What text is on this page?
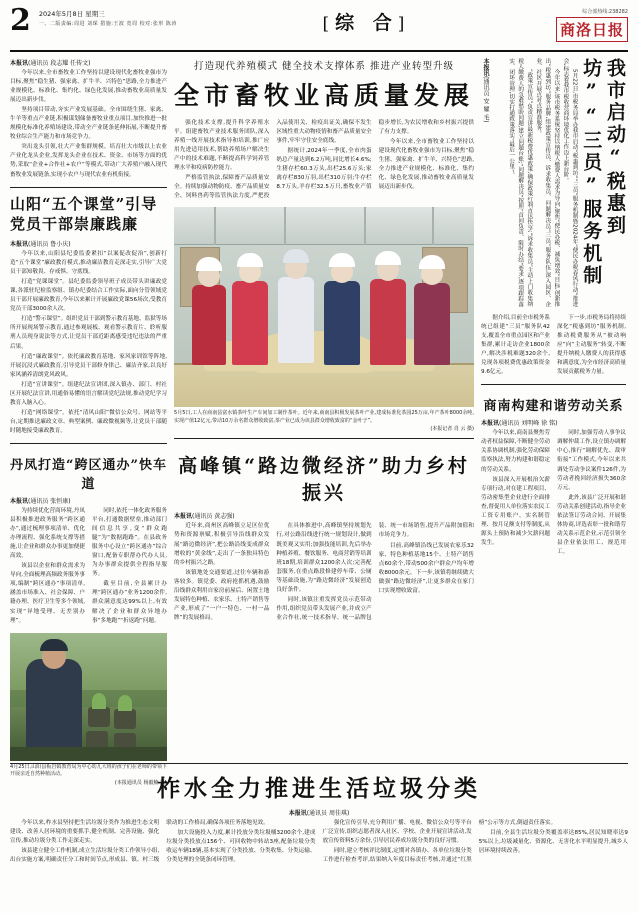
2 2024年5月8日 星期三
一、二版责编:周进 刘琛 措施:王波 宽周 校对:张形 陈涛	[综 合]
综合部热线:238282
商洛日报
本报讯(通讯员 段志耀 任传文)

今年以来,全市畜牧业工作坚持以建设现代化畜牧业强市为目标,聚焦“稳生猪、强家禽、扩牛羊、兴特色”思路,全力推进产业规模化、标准化、集约化、绿色化发展,推动畜牧业高质量发展迈出新步伐。

坚持项目带动,夯实产业发展基础。全市围绕生猪、家禽、牛羊等重点产业链,积极谋划储备畜牧业重点项目,加快推进一批规模化标准化养殖场建设,带动全产业链条延伸拓展,不断提升畜牧业综合生产能力和市场竞争力。

突出龙头引领,壮大产业集群规模。培育壮大市级以上农业产业化龙头企业,发挥龙头企业在技术、资金、市场等方面的优势,采取“企业+合作社+农户”等模式,带动广大养殖户融入现代畜牧业发展链条,实现小农户与现代农业有机衔接。

山阳“五个课堂”引导
党员干部崇廉践廉
本报讯(通讯员 鲁小庆)

今年以来,山阳县纪委监委紧扣“以案促改促治”,创新打造“五个课堂”廉政教育模式,推动廉洁教育走深走实,引导广大党员干部知敬畏、存戒惧、守底线。

打造“党课课堂”。县纪委监委领导班子成员带头讲廉政党课,各派驻纪检监察组、镇办纪委结合工作实际,面向分管领域党员干部开展廉政教育,今年以来累计开展廉政党课56场次,受教育党员干部3000余人次。

打造“警示课堂”。组织党员干部到警示教育基地、监狱等场所开展现场警示教育,通过参观展板、观看警示教育片、聆听服刑人员现身说法等方式,让党员干部近距离感受违纪违法的严重后果。

打造“廉政课堂”。依托廉政教育基地、家风家训馆等阵地,开展沉浸式廉政教育,引导党员干部修身律己、廉洁齐家,以良好家风涵养清朗党风政风。

打造“宣讲课堂”。组建纪法宣讲团,深入镇办、部门、村社区开展纪法宣讲,用通俗易懂的语言解读党纪法规,推动党纪学习教育入脑入心。

打造“网络课堂”。依托“清风山阳”微信公众号、网站等平台,定期推送廉政文章、典型案例、廉政微视频等,让党员干部随时随地接受廉政教育。

丹凤打造“跨区通办”快车道
本报讯(通讯员 张恒康)

为持续优化营商环境,丹凤县积极推进政务服务“跨区通办”,通过梳理事项清单、优化办理流程、强化系统支撑等措施,让企业和群众办事更加便捷高效。

该县以企业和群众需求为导向,全面梳理高频政务服务事项,编制“跨区通办”事项清单,涵盖市场准入、社会保障、户籍办理、医疗卫生等多个领域,实现“异地受理、无差别办理”。

同时,依托一体化政务服务平台,打通数据壁垒,推动部门间信息共享,变“群众跑腿”为“数据跑路”。在县政务服务中心设立“跨区通办”综合窗口,配备专职帮办代办人员,为办事群众提供全程指导服务。

截至目前,全县累计办理“跨区通办”业务1200余件,群众满意度达99%以上,有效解决了企业和群众异地办事“多地跑”“折返跑”问题。

4月25日,山阳县板岩镇教育局为中心幼儿大班的孩子们在老师的带领下开展亲近自然种植活动。
(本报通讯员 杨毅楠 摄)
打造现代养殖模式 健全技术支撑体系 推进产业转型升级
全市畜牧业高质量发展

强化技术支撑,提升科学养殖水平。组建畜牧产业技术服务团队,深入养殖一线开展技术指导和培训,推广应用先进适用技术,帮助养殖场户解决生产中的技术难题,不断提高科学饲养管理水平和疫病防控能力。

严格监管执法,保障畜产品质量安全。持续加强动物防疫、畜产品质量安全、饲料兽药等监管执法力度,严把投入品使用关、检疫出证关,确保不发生区域性重大动物疫情和畜产品质量安全事件,牢牢守住安全底线。

据统计,2024年一季度,全市肉蛋奶总产量达到6.2万吨,同比增长4.6%;生猪存栏60.3万头,出栏25.6万头;家禽存栏830万羽,出栏310万羽;牛存栏8.7万头,羊存栏32.5万只,畜牧业产值稳步增长,为农民增收和乡村振兴提供了有力支撑。

今年以来,全市畜牧业工作坚持以建设现代化畜牧业强市为目标,聚焦“稳生猪、强家禽、扩牛羊、兴特色”思路,全力推进产业规模化、标准化、集约化、绿色化发展,推动畜牧业高质量发展迈出新步伐。

5月5日,工人在商南县富水镇茶叶生产车间加工制作茶叶。近年来,商南县积极发展茶叶产业,建成标准化茶园25万亩,年产茶叶8000余吨,实现产值12亿元,带动10万余名群众增收致富,茶产业已成为该县群众增收致富的“金叶子”。
(本报记者 肖 云 摄)
高峰镇“路边微经济”助力乡村振兴
本报讯(通讯员 黄志强)

近年来,商州区高峰镇立足区位优势和资源禀赋,积极引导沿线群众发展“路边微经济”,把公路沿线变成群众增收的“黄金线”,走出了一条独具特色的乡村振兴之路。

该镇地处交通要道,过往车辆和游客较多。镇党委、政府抢抓机遇,鼓励沿线群众利用自家房前屋后、闲置土地发展特色种植、农家乐、土特产销售等产业,形成了“一户一特色、一村一品牌”的发展格局。

在具体推进中,高峰镇坚持规划先行,对公路沿线进行统一规划设计,做到既美观又实用;加强技能培训,先后举办种植养殖、餐饮服务、电商营销等培训班18期,培训群众1200余人次;完善配套服务,在重点路段修建停车带、公厕等基础设施,为“路边微经济”发展创造良好条件。

同时,该镇注重发挥党员示范带动作用,组织党员带头发展产业,并成立产业合作社,统一技术指导、统一品牌包装、统一市场销售,提升产品附加值和市场竞争力。

目前,高峰镇沿线已发展农家乐32家、特色种植基地15个、土特产销售点60余个,带动500余户群众户均年增收8000余元。下一步,该镇将继续做大做强“路边微经济”,让更多群众在家门口实现增收致富。

本报讯(通讯员 安 耀 毛)	5月22日,市税务局举办我市启动“税惠到坊”“三员”服务机制暨2024年“便民办税春风行动”推进会,标志着我市税收营商环境优化工作迈上新台阶。

今年以来,该市税务系统坚持以纳税人缴费人需求为导向,聚焦“便民办税、减负增效”目标,创新推出“税惠到坊”服务品牌,组建政策宣传员、诉求收集员、问题解决员“三员”服务队伍,深入园区、企业、社区开展点对点精准服务。

“政策宣传员”负责宣讲最新税费优惠政策,确保政策红利直达快享;“诉求收集员”主动上门收集纳税人缴费人的急难愁盼问题,建立问题台账;“问题解决员”按照“首问负责、限时办结”要求,逐项跟踪落实、闭环管理,切实打通政策落实“最后一公里”。	我市启动“税惠到坊”“三员”服务机制

据介绍,目前全市税务系统已组建“三员”服务队42支,覆盖全市重点园区和产业集群,累计走访企业1800余户,解决涉税难题320余个,兑现各项税费优惠政策资金9.6亿元。

下一步,市税务局将持续深化“税惠到坊”服务机制,推动税费服务从“被动响应”向“主动服务”转变,不断提升纳税人缴费人的获得感和满意度,为全市经济高质量发展贡献税务力量。

商南构建和谐劳动关系
本报讯(通讯员 刘明峰 徐 铭)

今年以来,商南县聚焦劳动者权益保障,不断健全劳动关系协调机制,强化劳动保障监察执法,努力构建和谐稳定的劳动关系。

该县深入开展根治欠薪专项行动,对在建工程项目、劳动密集型企业进行全面排查,督促用人单位落实农民工工资专用账户、实名制管理、按月足额支付等制度,从源头上预防和减少欠薪问题发生。

同时,加强劳动人事争议调解仲裁工作,设立镇办调解中心,推行“调解优先、裁审衔接”工作模式,今年以来共调处劳动争议案件126件,为劳动者挽回经济损失360余万元。

此外,该县广泛开展和谐劳动关系创建活动,指导企业依法签订劳动合同、开展集体协商,评选表彰一批和谐劳动关系示范企业,示范引领全县企业依法用工、规范用工。

柞水全力推进生活垃圾分类
本报讯(通讯员 周佳琪)

今年以来,柞水县坚持把生活垃圾分类作为推进生态文明建设、改善人居环境的重要抓手,健全机制、完善设施、强化宣传,推动垃圾分类工作走深走实。

该县建立健全工作机制,成立生活垃圾分类工作领导小组,出台实施方案,明确责任分工和时间节点,形成县、镇、村三级联动的工作格局,确保各项任务落地见效。

加大设施投入力度,累计投放分类垃圾桶3200余个,建成垃圾分类投放点156个、可回收物中转站3座,配备垃圾分类收运车辆18辆,基本实现了分类投放、分类收集、分类运输、分类处理的全链条闭环管理。

强化宣传引导,充分利用广播、电视、微信公众号等平台广泛宣传,组织志愿者深入社区、学校、企业开展宣讲活动,发放宣传资料5万余份,引导居民养成垃圾分类的良好习惯。

同时,建立考核评比制度,定期对各镇办、各单位垃圾分类工作进行检查考评,结果纳入年度目标责任考核,并通过“红黑榜”公示等方式,倒逼责任落实。

目前,全县生活垃圾分类覆盖率达85%,居民知晓率达95%以上,垃圾减量化、资源化、无害化水平明显提升,城乡人居环境持续改善。
